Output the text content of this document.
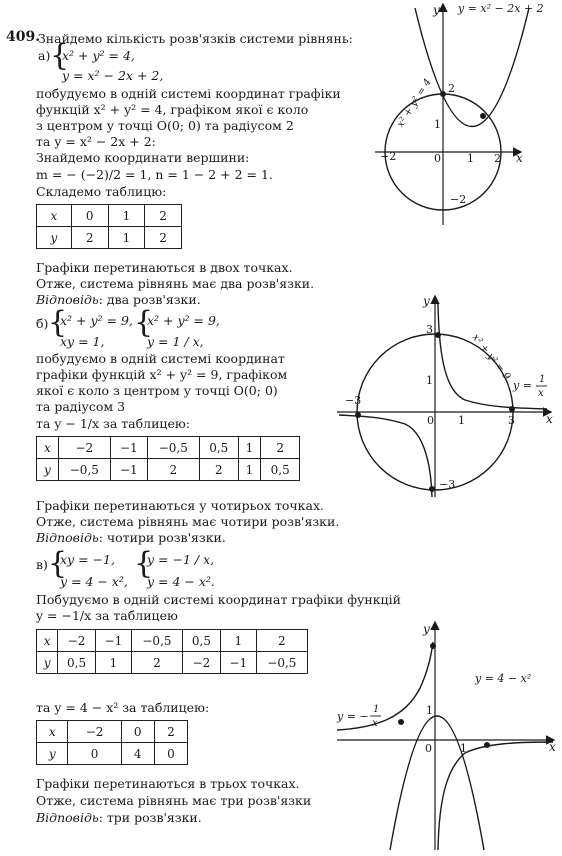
409.
Знайдемо кількість розв'язків системи рівнянь:
а) {
x² + y² = 4,
y = x² − 2x + 2,
побудуємо в одній системі координат графіки
функцій x² + y² = 4, графіком якої є коло
з центром у точці O(0; 0) та радіусом 2
та y = x² − 2x + 2:
Знайдемо координати вершини:
m = − (−2)/2 = 1, n = 1 − 2 + 2 = 1.
Складемо таблицю:
x	0	1	2
y	2	1	2
Графіки перетинаються в двох точках.
Отже, система рівнянь має два розв'язки.
Відповідь: два розв'язки.
б) {
x² + y² = 9,
xy = 1,
{
x² + y² = 9,
y = 1 / x,
побудуємо в одній системі координат
графіки функцій x² + y² = 9, графіком
якої є коло з центром у точці O(0; 0)
та радіусом 3
та y − 1/x за таблицею:
x	−2	−1	−0,5	0,5	1	2
y	−0,5	−1	2	2	1	0,5
Графіки перетинаються у чотирьох точках.
Отже, система рівнянь має чотири розв'язки.
Відповідь: чотири розв'язки.
в) {
xy = −1,
y = 4 − x²,
{
y = −1 / x,
y = 4 − x².
Побудуємо в одній системі координат графіки функцій
y = −1/x за таблицею
x	−2	−1	−0,5	0,5	1	2
y	0,5	1	2	−2	−1	−0,5
та y = 4 − x² за таблицею:
x	−2	0	2
y	0	4	0
Графіки перетинаються в трьох точках.
Отже, система рівнянь має три розв'язки
Відповідь: три розв'язки.
y
x
y = x² − 2x + 2
x² + y² = 4
−2	0 1 2
1
2
−2
y
x
x² + y² = 9
y = 1
x
3
1
−3
0 1	3
−3
y
x
y = 4 − x²
y = −
1
x
1
0	1
